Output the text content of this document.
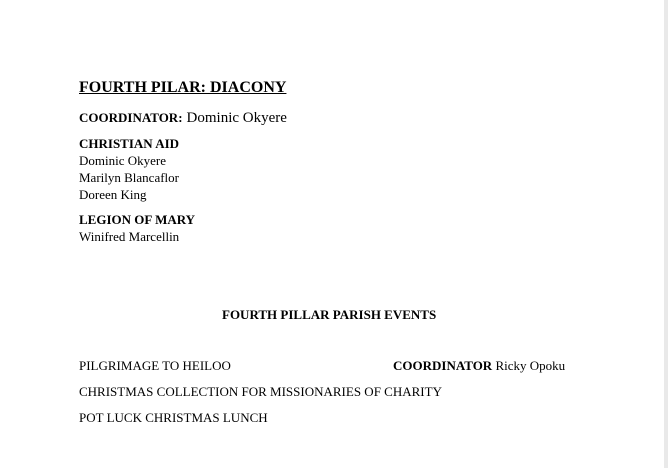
FOURTH PILAR: DIACONY
COORDINATOR: Dominic Okyere
CHRISTIAN AID
Dominic Okyere
Marilyn Blancaflor
Doreen King
LEGION OF MARY
Winifred Marcellin
FOURTH PILLAR PARISH EVENTS
PILGRIMAGE TO HEILOO	COORDINATOR Ricky Opoku
CHRISTMAS COLLECTION FOR MISSIONARIES OF CHARITY
POT LUCK CHRISTMAS LUNCH
